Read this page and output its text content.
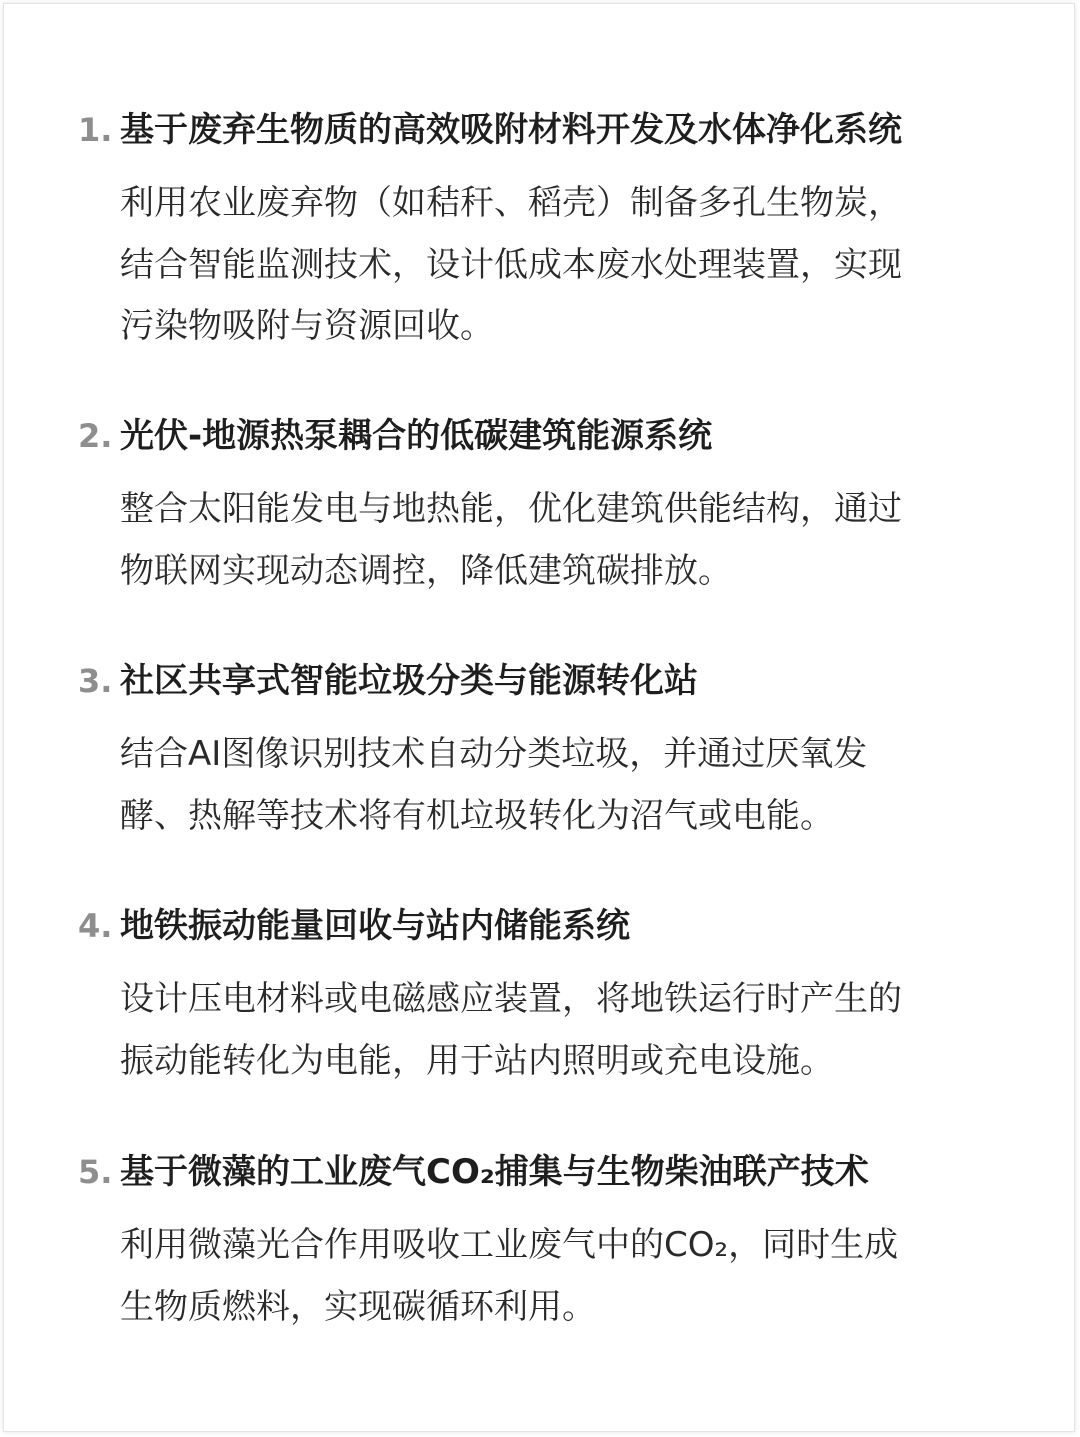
1. 基于废弃生物质的高效吸附材料开发及水体净化系统
利用农业废弃物（如秸秆、稻壳）制备多孔生物炭，
结合智能监测技术，设计低成本废水处理装置，实现
污染物吸附与资源回收。
2. 光伏-地源热泵耦合的低碳建筑能源系统
整合太阳能发电与地热能，优化建筑供能结构，通过
物联网实现动态调控，降低建筑碳排放。
3. 社区共享式智能垃圾分类与能源转化站
结合AI图像识别技术自动分类垃圾，并通过厌氧发
酵、热解等技术将有机垃圾转化为沼气或电能。
4. 地铁振动能量回收与站内储能系统
设计压电材料或电磁感应装置，将地铁运行时产生的
振动能转化为电能，用于站内照明或充电设施。
5. 基于微藻的工业废气CO₂捕集与生物柴油联产技术
利用微藻光合作用吸收工业废气中的CO₂，同时生成
生物质燃料，实现碳循环利用。
